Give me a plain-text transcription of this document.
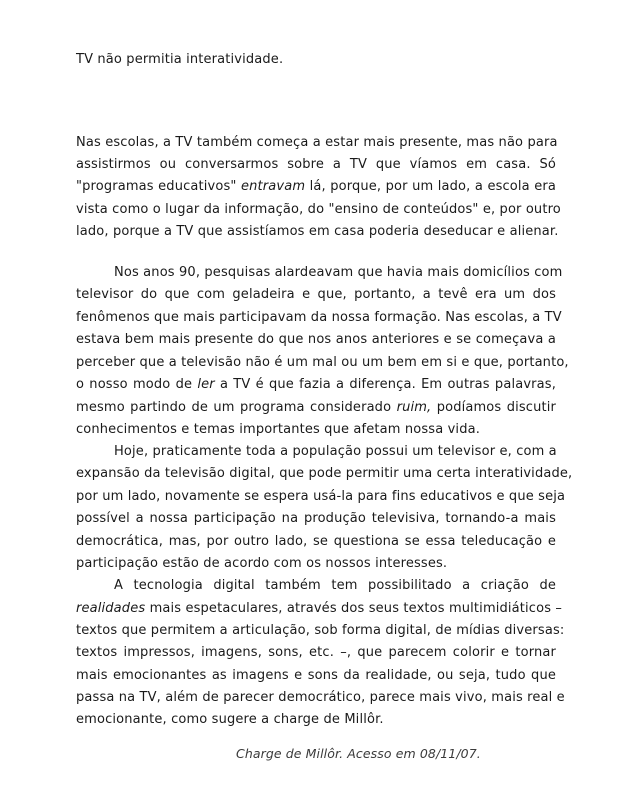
TV não permitia interatividade.
Nas escolas, a TV também começa a estar mais presente, mas não para
assistirmos ou conversarmos sobre a TV que víamos em casa. Só
"programas educativos" entravam lá, porque, por um lado, a escola era
vista como o lugar da informação, do "ensino de conteúdos" e, por outro
lado, porque a TV que assistíamos em casa poderia deseducar e alienar.
Nos anos 90, pesquisas alardeavam que havia mais domicílios com
televisor do que com geladeira e que, portanto, a tevê era um dos
fenômenos que mais participavam da nossa formação. Nas escolas, a TV
estava bem mais presente do que nos anos anteriores e se começava a
perceber que a televisão não é um mal ou um bem em si e que, portanto,
o nosso modo de ler a TV é que fazia a diferença. Em outras palavras,
mesmo partindo de um programa considerado ruim, podíamos discutir
conhecimentos e temas importantes que afetam nossa vida.
Hoje, praticamente toda a população possui um televisor e, com a
expansão da televisão digital, que pode permitir uma certa interatividade,
por um lado, novamente se espera usá-la para fins educativos e que seja
possível a nossa participação na produção televisiva, tornando-a mais
democrática, mas, por outro lado, se questiona se essa teleducação e
participação estão de acordo com os nossos interesses.
A tecnologia digital também tem possibilitado a criação de
realidades mais espetaculares, através dos seus textos multimidiáticos –
textos que permitem a articulação, sob forma digital, de mídias diversas:
textos impressos, imagens, sons, etc. –, que parecem colorir e tornar
mais emocionantes as imagens e sons da realidade, ou seja, tudo que
passa na TV, além de parecer democrático, parece mais vivo, mais real e
emocionante, como sugere a charge de Millôr.
Charge de Millôr. Acesso em 08/11/07.
